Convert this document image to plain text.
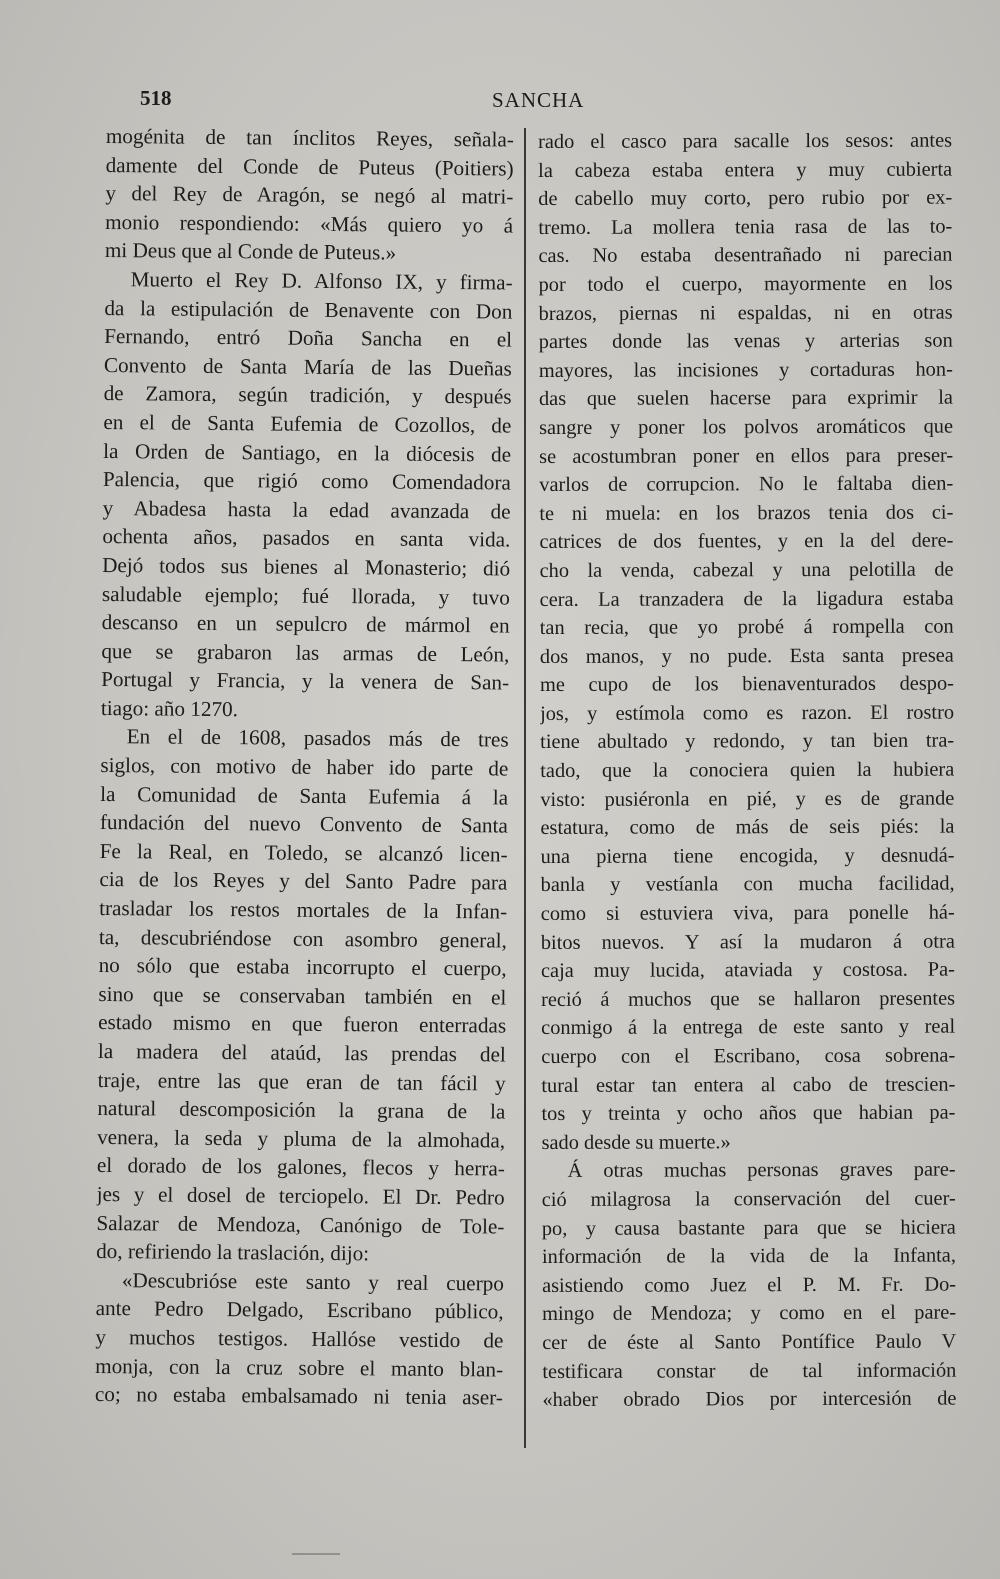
518	SANCHA
mogénita de tan ínclitos Reyes, señala-
damente del Conde de Puteus (Poitiers)
y del Rey de Aragón, se negó al matri-
monio respondiendo: «Más quiero yo á
mi Deus que al Conde de Puteus.»
Muerto el Rey D. Alfonso IX, y firma-
da la estipulación de Benavente con Don
Fernando, entró Doña Sancha en el
Convento de Santa María de las Dueñas
de Zamora, según tradición, y después
en el de Santa Eufemia de Cozollos, de
la Orden de Santiago, en la diócesis de
Palencia, que rigió como Comendadora
y Abadesa hasta la edad avanzada de
ochenta años, pasados en santa vida.
Dejó todos sus bienes al Monasterio; dió
saludable ejemplo; fué llorada, y tuvo
descanso en un sepulcro de mármol en
que se grabaron las armas de León,
Portugal y Francia, y la venera de San-
tiago: año 1270.
En el de 1608, pasados más de tres
siglos, con motivo de haber ido parte de
la Comunidad de Santa Eufemia á la
fundación del nuevo Convento de Santa
Fe la Real, en Toledo, se alcanzó licen-
cia de los Reyes y del Santo Padre para
trasladar los restos mortales de la Infan-
ta, descubriéndose con asombro general,
no sólo que estaba incorrupto el cuerpo,
sino que se conservaban también en el
estado mismo en que fueron enterradas
la madera del ataúd, las prendas del
traje, entre las que eran de tan fácil y
natural descomposición la grana de la
venera, la seda y pluma de la almohada,
el dorado de los galones, flecos y herra-
jes y el dosel de terciopelo. El Dr. Pedro
Salazar de Mendoza, Canónigo de Tole-
do, refiriendo la traslación, dijo:
«Descubrióse este santo y real cuerpo
ante Pedro Delgado, Escribano público,
y muchos testigos. Hallóse vestido de
monja, con la cruz sobre el manto blan-
co; no estaba embalsamado ni tenia aser-
rado el casco para sacalle los sesos: antes
la cabeza estaba entera y muy cubierta
de cabello muy corto, pero rubio por ex-
tremo. La mollera tenia rasa de las to-
cas. No estaba desentrañado ni parecian
por todo el cuerpo, mayormente en los
brazos, piernas ni espaldas, ni en otras
partes donde las venas y arterias son
mayores, las incisiones y cortaduras hon-
das que suelen hacerse para exprimir la
sangre y poner los polvos aromáticos que
se acostumbran poner en ellos para preser-
varlos de corrupcion. No le faltaba dien-
te ni muela: en los brazos tenia dos ci-
catrices de dos fuentes, y en la del dere-
cho la venda, cabezal y una pelotilla de
cera. La tranzadera de la ligadura estaba
tan recia, que yo probé á rompella con
dos manos, y no pude. Esta santa presea
me cupo de los bienaventurados despo-
jos, y estímola como es razon. El rostro
tiene abultado y redondo, y tan bien tra-
tado, que la conociera quien la hubiera
visto: pusiéronla en pié, y es de grande
estatura, como de más de seis piés: la
una pierna tiene encogida, y desnudá-
banla y vestíanla con mucha facilidad,
como si estuviera viva, para ponelle há-
bitos nuevos. Y así la mudaron á otra
caja muy lucida, ataviada y costosa. Pa-
reció á muchos que se hallaron presentes
conmigo á la entrega de este santo y real
cuerpo con el Escribano, cosa sobrena-
tural estar tan entera al cabo de trescien-
tos y treinta y ocho años que habian pa-
sado desde su muerte.»
Á otras muchas personas graves pare-
ció milagrosa la conservación del cuer-
po, y causa bastante para que se hiciera
información de la vida de la Infanta,
asistiendo como Juez el P. M. Fr. Do-
mingo de Mendoza; y como en el pare-
cer de éste al Santo Pontífice Paulo V
testificara constar de tal información
«haber obrado Dios por intercesión de
